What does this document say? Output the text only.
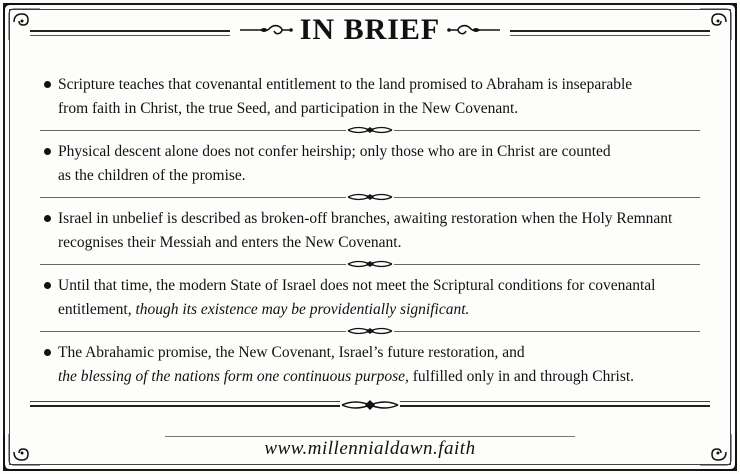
IN BRIEF
Scripture teaches that covenantal entitlement to the land promised to Abraham is inseparable
from faith in Christ, the true Seed, and participation in the New Covenant.
Physical descent alone does not confer heirship; only those who are in Christ are counted
as the children of the promise.
Israel in unbelief is described as broken-off branches, awaiting restoration when the Holy Remnant
recognises their Messiah and enters the New Covenant.
Until that time, the modern State of Israel does not meet the Scriptural conditions for covenantal
entitlement, though its existence may be providentially significant.
The Abrahamic promise, the New Covenant, Israel’s future restoration, and
the blessing of the nations form one continuous purpose, fulfilled only in and through Christ.
www.millennialdawn.faith
